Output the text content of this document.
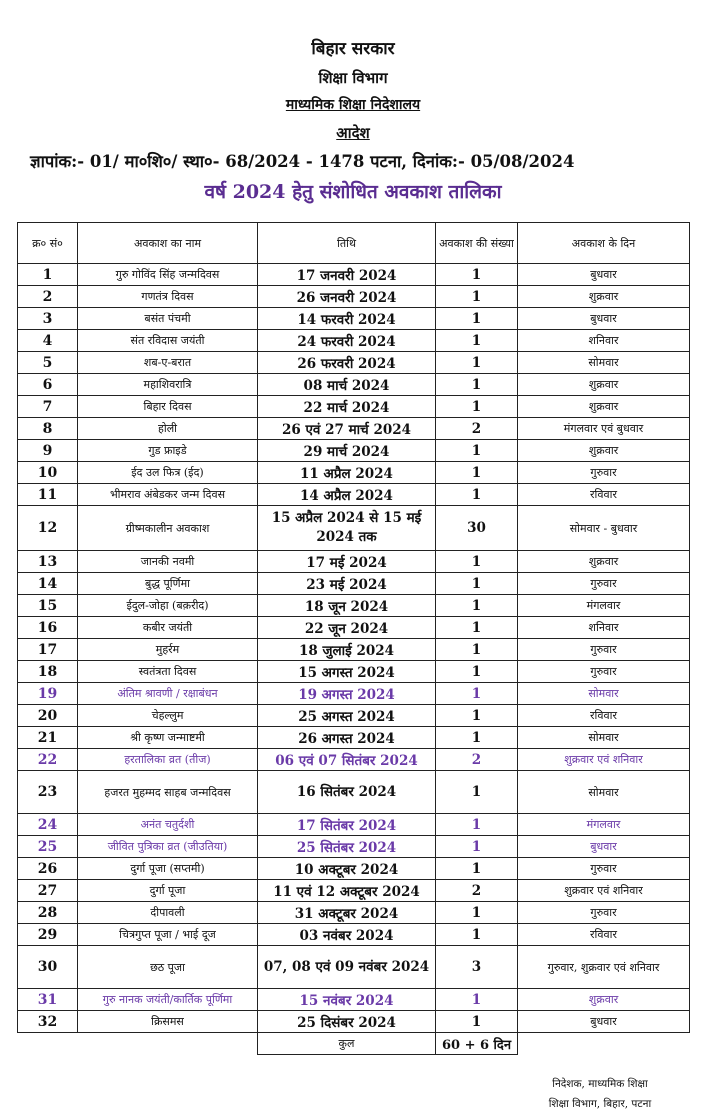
बिहार सरकार
शिक्षा विभाग
माध्यमिक शिक्षा निदेशालय
आदेश
ज्ञापांक:- 01/ मा०शि०/ स्था०- 68/2024 - 1478 पटना, दिनांक:- 05/08/2024
वर्ष 2024 हेतु संशोधित अवकाश तालिका
क्र० सं०	अवकाश का नाम	तिथि	अवकाश की संख्या	अवकाश के दिन
1	गुरु गोविंद सिंह जन्मदिवस	17 जनवरी 2024	1	बुधवार
2	गणतंत्र दिवस	26 जनवरी 2024	1	शुक्रवार
3	बसंत पंचमी	14 फरवरी 2024	1	बुधवार
4	संत रविदास जयंती	24 फरवरी 2024	1	शनिवार
5	शब-ए-बरात	26 फरवरी 2024	1	सोमवार
6	महाशिवरात्रि	08 मार्च 2024	1	शुक्रवार
7	बिहार दिवस	22 मार्च 2024	1	शुक्रवार
8	होली	26 एवं 27 मार्च 2024	2	मंगलवार एवं बुधवार
9	गुड फ्राइडे	29 मार्च 2024	1	शुक्रवार
10	ईद उल फित्र (ईद)	11 अप्रैल 2024	1	गुरुवार
11	भीमराव अंबेडकर जन्म दिवस	14 अप्रैल 2024	1	रविवार
12	ग्रीष्मकालीन अवकाश	15 अप्रैल 2024 से 15 मई 2024 तक	30	सोमवार - बुधवार
13	जानकी नवमी	17 मई 2024	1	शुक्रवार
14	बुद्ध पूर्णिमा	23 मई 2024	1	गुरुवार
15	ईदुल-जोहा (बक़रीद)	18 जून 2024	1	मंगलवार
16	कबीर जयंती	22 जून 2024	1	शनिवार
17	मुहर्रम	18 जुलाई 2024	1	गुरुवार
18	स्वतंत्रता दिवस	15 अगस्त 2024	1	गुरुवार
19	अंतिम श्रावणी / रक्षाबंधन	19 अगस्त 2024	1	सोमवार
20	चेहल्लुम	25 अगस्त 2024	1	रविवार
21	श्री कृष्ण जन्माष्टमी	26 अगस्त 2024	1	सोमवार
22	हरतालिका व्रत (तीज)	06 एवं 07 सितंबर 2024	2	शुक्रवार एवं शनिवार
23	हजरत मुहम्मद साहब जन्मदिवस	16 सितंबर 2024	1	सोमवार
24	अनंत चतुर्दशी	17 सितंबर 2024	1	मंगलवार
25	जीवित पुत्रिका व्रत (जीउतिया)	25 सितंबर 2024	1	बुधवार
26	दुर्गा पूजा (सप्तमी)	10 अक्टूबर 2024	1	गुरुवार
27	दुर्गा पूजा	11 एवं 12 अक्टूबर 2024	2	शुक्रवार एवं शनिवार
28	दीपावली	31 अक्टूबर 2024	1	गुरुवार
29	चित्रगुप्त पूजा / भाई दूज	03 नवंबर 2024	1	रविवार
30	छठ पूजा	07, 08 एवं 09 नवंबर 2024	3	गुरुवार, शुक्रवार एवं शनिवार
31	गुरु नानक जयंती/कार्तिक पूर्णिमा	15 नवंबर 2024	1	शुक्रवार
32	क्रिसमस	25 दिसंबर 2024	1	बुधवार
		कुल	60 + 6 दिन	
निदेशक, माध्यमिक शिक्षा
शिक्षा विभाग, बिहार, पटना
